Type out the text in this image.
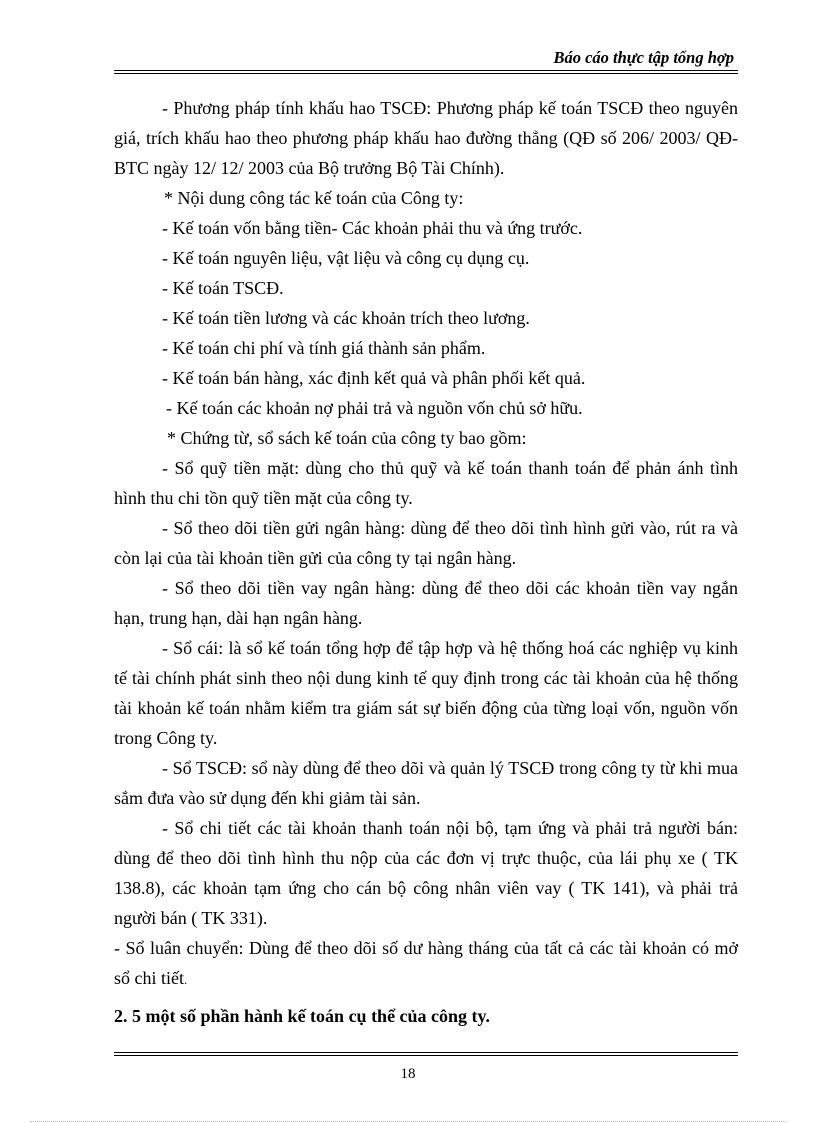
Báo cáo thực tập tổng hợp

- Phương pháp tính khấu hao TSCĐ: Phương pháp kế toán TSCĐ theo nguyên giá, trích khấu hao theo phương pháp khấu hao đường thẳng (QĐ số 206/ 2003/ QĐ-BTC ngày 12/ 12/ 2003 của Bộ trưởng Bộ Tài Chính).

* Nội dung công tác kế toán của Công ty:

- Kế toán vốn bằng tiền- Các khoản phải thu và ứng trước.

- Kế toán nguyên liệu, vật liệu và công cụ dụng cụ.

- Kế toán TSCĐ.

- Kế toán tiền lương và các khoản trích theo lương.

- Kế toán chi phí và tính giá thành sản phẩm.

- Kế toán bán hàng, xác định kết quả và phân phối kết quả.

- Kế toán các khoản nợ phải trả và nguồn vốn chủ sở hữu.

* Chứng từ, sổ sách kế toán của công ty bao gồm:

- Sổ quỹ tiền mặt: dùng cho thủ quỹ và kế toán thanh toán để phản ánh tình hình thu chi tồn quỹ tiền mặt của công ty.

- Sổ theo dõi tiền gửi ngân hàng: dùng để theo dõi tình hình gửi vào, rút ra và còn lại của tài khoản tiền gửi của công ty tại ngân hàng.

- Sổ theo dõi tiền vay ngân hàng: dùng để theo dõi các khoản tiền vay ngắn hạn, trung hạn, dài hạn ngân hàng.

- Sổ cái: là sổ kế toán tổng hợp để tập hợp và hệ thống hoá các nghiệp vụ kinh tế tài chính phát sinh theo nội dung kinh tế quy định trong các tài khoản của hệ thống tài khoản kế toán nhằm kiểm tra giám sát sự biến động của từng loại vốn, nguồn vốn trong Công ty.

- Sổ TSCĐ: sổ này dùng để theo dõi và quản lý TSCĐ trong công ty từ khi mua sắm đưa vào sử dụng đến khi giảm tài sản.

- Sổ chi tiết các tài khoản thanh toán nội bộ, tạm ứng và phải trả người bán: dùng để theo dõi tình hình thu nộp của các đơn vị trực thuộc, của lái phụ xe ( TK 138.8), các khoản tạm ứng cho cán bộ công nhân viên vay ( TK 141), và phải trả người bán ( TK 331).

- Sổ luân chuyển: Dùng để theo dõi số dư hàng tháng của tất cả các tài khoản có mở sổ chi tiết.

2. 5 một số phần hành kế toán cụ thể của công ty.

18
